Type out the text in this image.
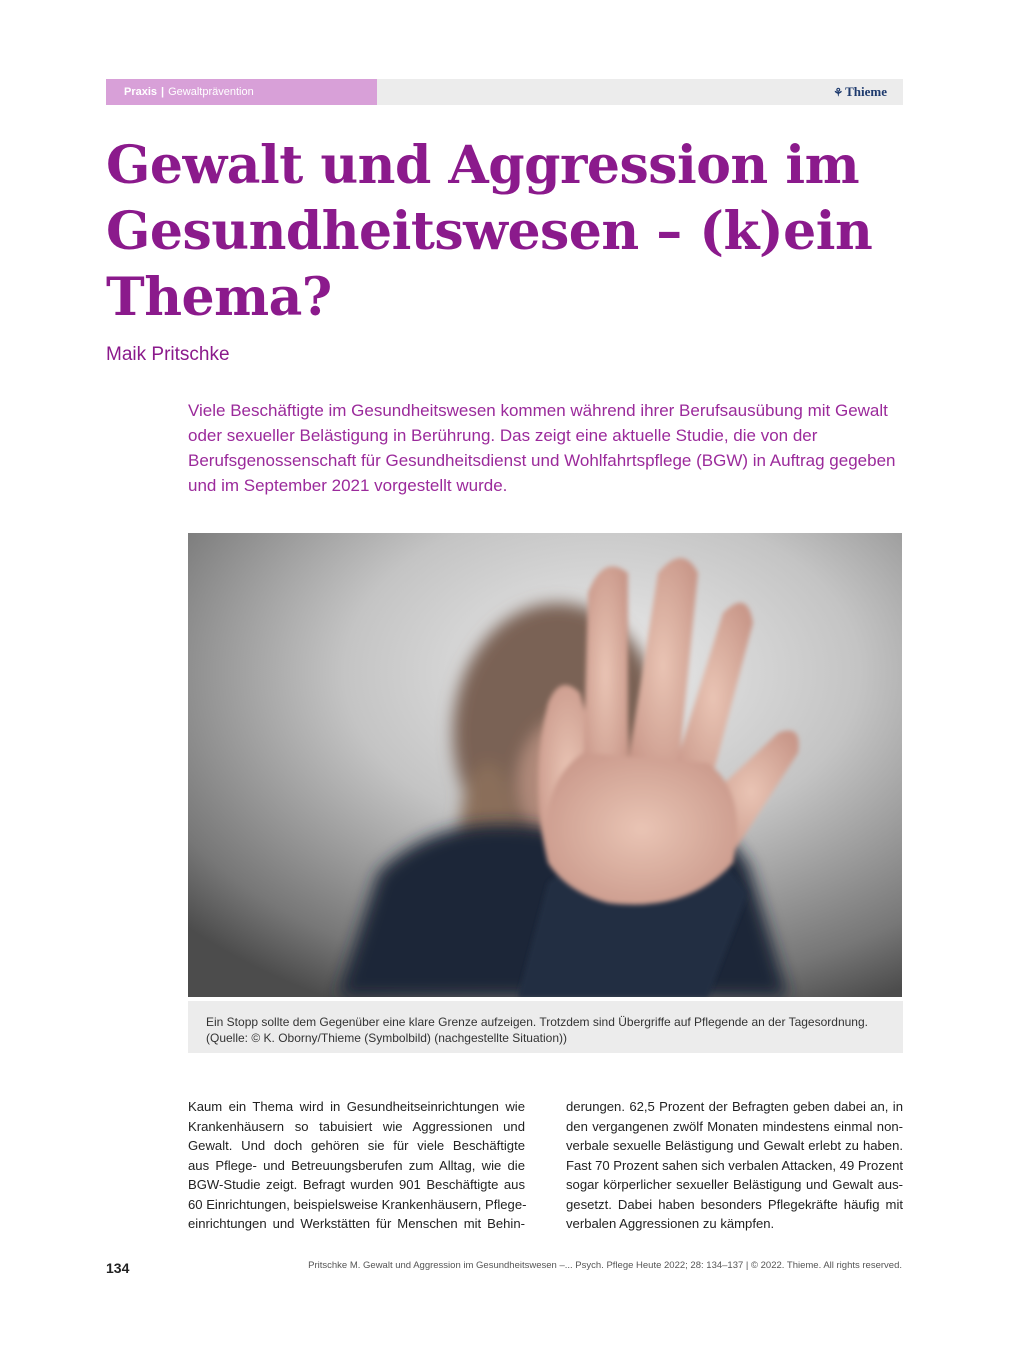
Praxis | Gewaltprävention	⚘ Thieme
Gewalt und Aggression im
Gesundheitswesen – (k)ein
Thema?
Maik Pritschke

Viele Beschäftigte im Gesundheitswesen kommen während ihrer Berufsausübung mit Gewalt oder sexueller Belästigung in Berührung. Das zeigt eine aktuelle Studie, die von der Berufsgenossenschaft für Gesundheitsdienst und Wohlfahrtspflege (BGW) in Auftrag gegeben und im September 2021 vorgestellt wurde.

Ein Stopp sollte dem Gegenüber eine klare Grenze aufzeigen. Trotzdem sind Übergriffe auf Pflegende an der Tagesordnung.
(Quelle: © K. Oborny/Thieme (Symbolbild) (nachgestellte Situation))
Kaum ein Thema wird in Gesundheitseinrichtungen wie
Krankenhäusern so tabuisiert wie Aggressionen und
Gewalt. Und doch gehören sie für viele Beschäftigte
aus Pflege- und Betreuungsberufen zum Alltag, wie die
BGW-Studie zeigt. Befragt wurden 901 Beschäftigte aus
60 Einrichtungen, beispielsweise Krankenhäusern, Pflege-
einrichtungen und Werkstätten für Menschen mit Behin-
derungen. 62,5 Prozent der Befragten geben dabei an, in
den vergangenen zwölf Monaten mindestens einmal non-
verbale sexuelle Belästigung und Gewalt erlebt zu haben.
Fast 70 Prozent sahen sich verbalen Attacken, 49 Prozent
sogar körperlicher sexueller Belästigung und Gewalt aus-
gesetzt. Dabei haben besonders Pflegekräfte häufig mit
verbalen Aggressionen zu kämpfen.
134	Pritschke M. Gewalt und Aggression im Gesundheitswesen –... Psych. Pflege Heute 2022; 28: 134–137 | © 2022. Thieme. All rights reserved.
